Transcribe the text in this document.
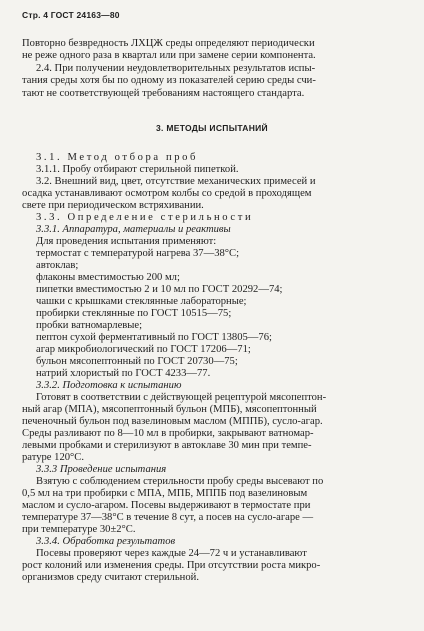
Стр. 4 ГОСТ 24163—80
Повторно безвредность ЛХЦЖ среды определяют периодически
не реже одного раза в квартал или при замене серии компонента.
2.4. При получении неудовлетворительных результатов испы-
тания среды хотя бы по одному из показателей серию среды счи-
тают не соответствующей требованиям настоящего стандарта.
3. МЕТОДЫ ИСПЫТАНИЙ
3.1. Метод отбора проб
3.1.1. Пробу отбирают стерильной пипеткой.
3.2. Внешний вид, цвет, отсутствие механических примесей и
осадка устанавливают осмотром колбы со средой в проходящем
свете при периодическом встряхивании.
3.3. Определение стерильности
3.3.1. Аппаратура, материалы и реактивы
Для проведения испытания применяют:
термостат с температурой нагрева 37—38°С;
автоклав;
флаконы вместимостью 200 мл;
пипетки вместимостью 2 и 10 мл по ГОСТ 20292—74;
чашки с крышками стеклянные лабораторные;
пробирки стеклянные по ГОСТ 10515—75;
пробки ватномарлевые;
пептон сухой ферментативный по ГОСТ 13805—76;
агар микробиологический по ГОСТ 17206—71;
бульон мясопептонный по ГОСТ 20730—75;
натрий хлористый по ГОСТ 4233—77.
3.3.2. Подготовка к испытанию
Готовят в соответствии с действующей рецептурой мясопептон-
ный агар (МПА), мясопептонный бульон (МПБ), мясопептонный
печеночный бульон под вазелиновым маслом (МППБ), сусло-агар.
Среды разливают по 8—10 мл в пробирки, закрывают ватномар-
левыми пробками и стерилизуют в автоклаве 30 мин при темпе-
ратуре 120°С.
3.3.3 Проведение испытания
Взятую с соблюдением стерильности пробу среды высевают по
0,5 мл на три пробирки с МПА, МПБ, МППБ под вазелиновым
маслом и сусло-агаром. Посевы выдерживают в термостате при
температуре 37—38°С в течение 8 сут, а посев на сусло-агаре —
при температуре 30±2°С.
3.3.4. Обработка результатов
Посевы проверяют через каждые 24—72 ч и устанавливают
рост колоний или изменения среды. При отсутствии роста микро-
организмов среду считают стерильной.
